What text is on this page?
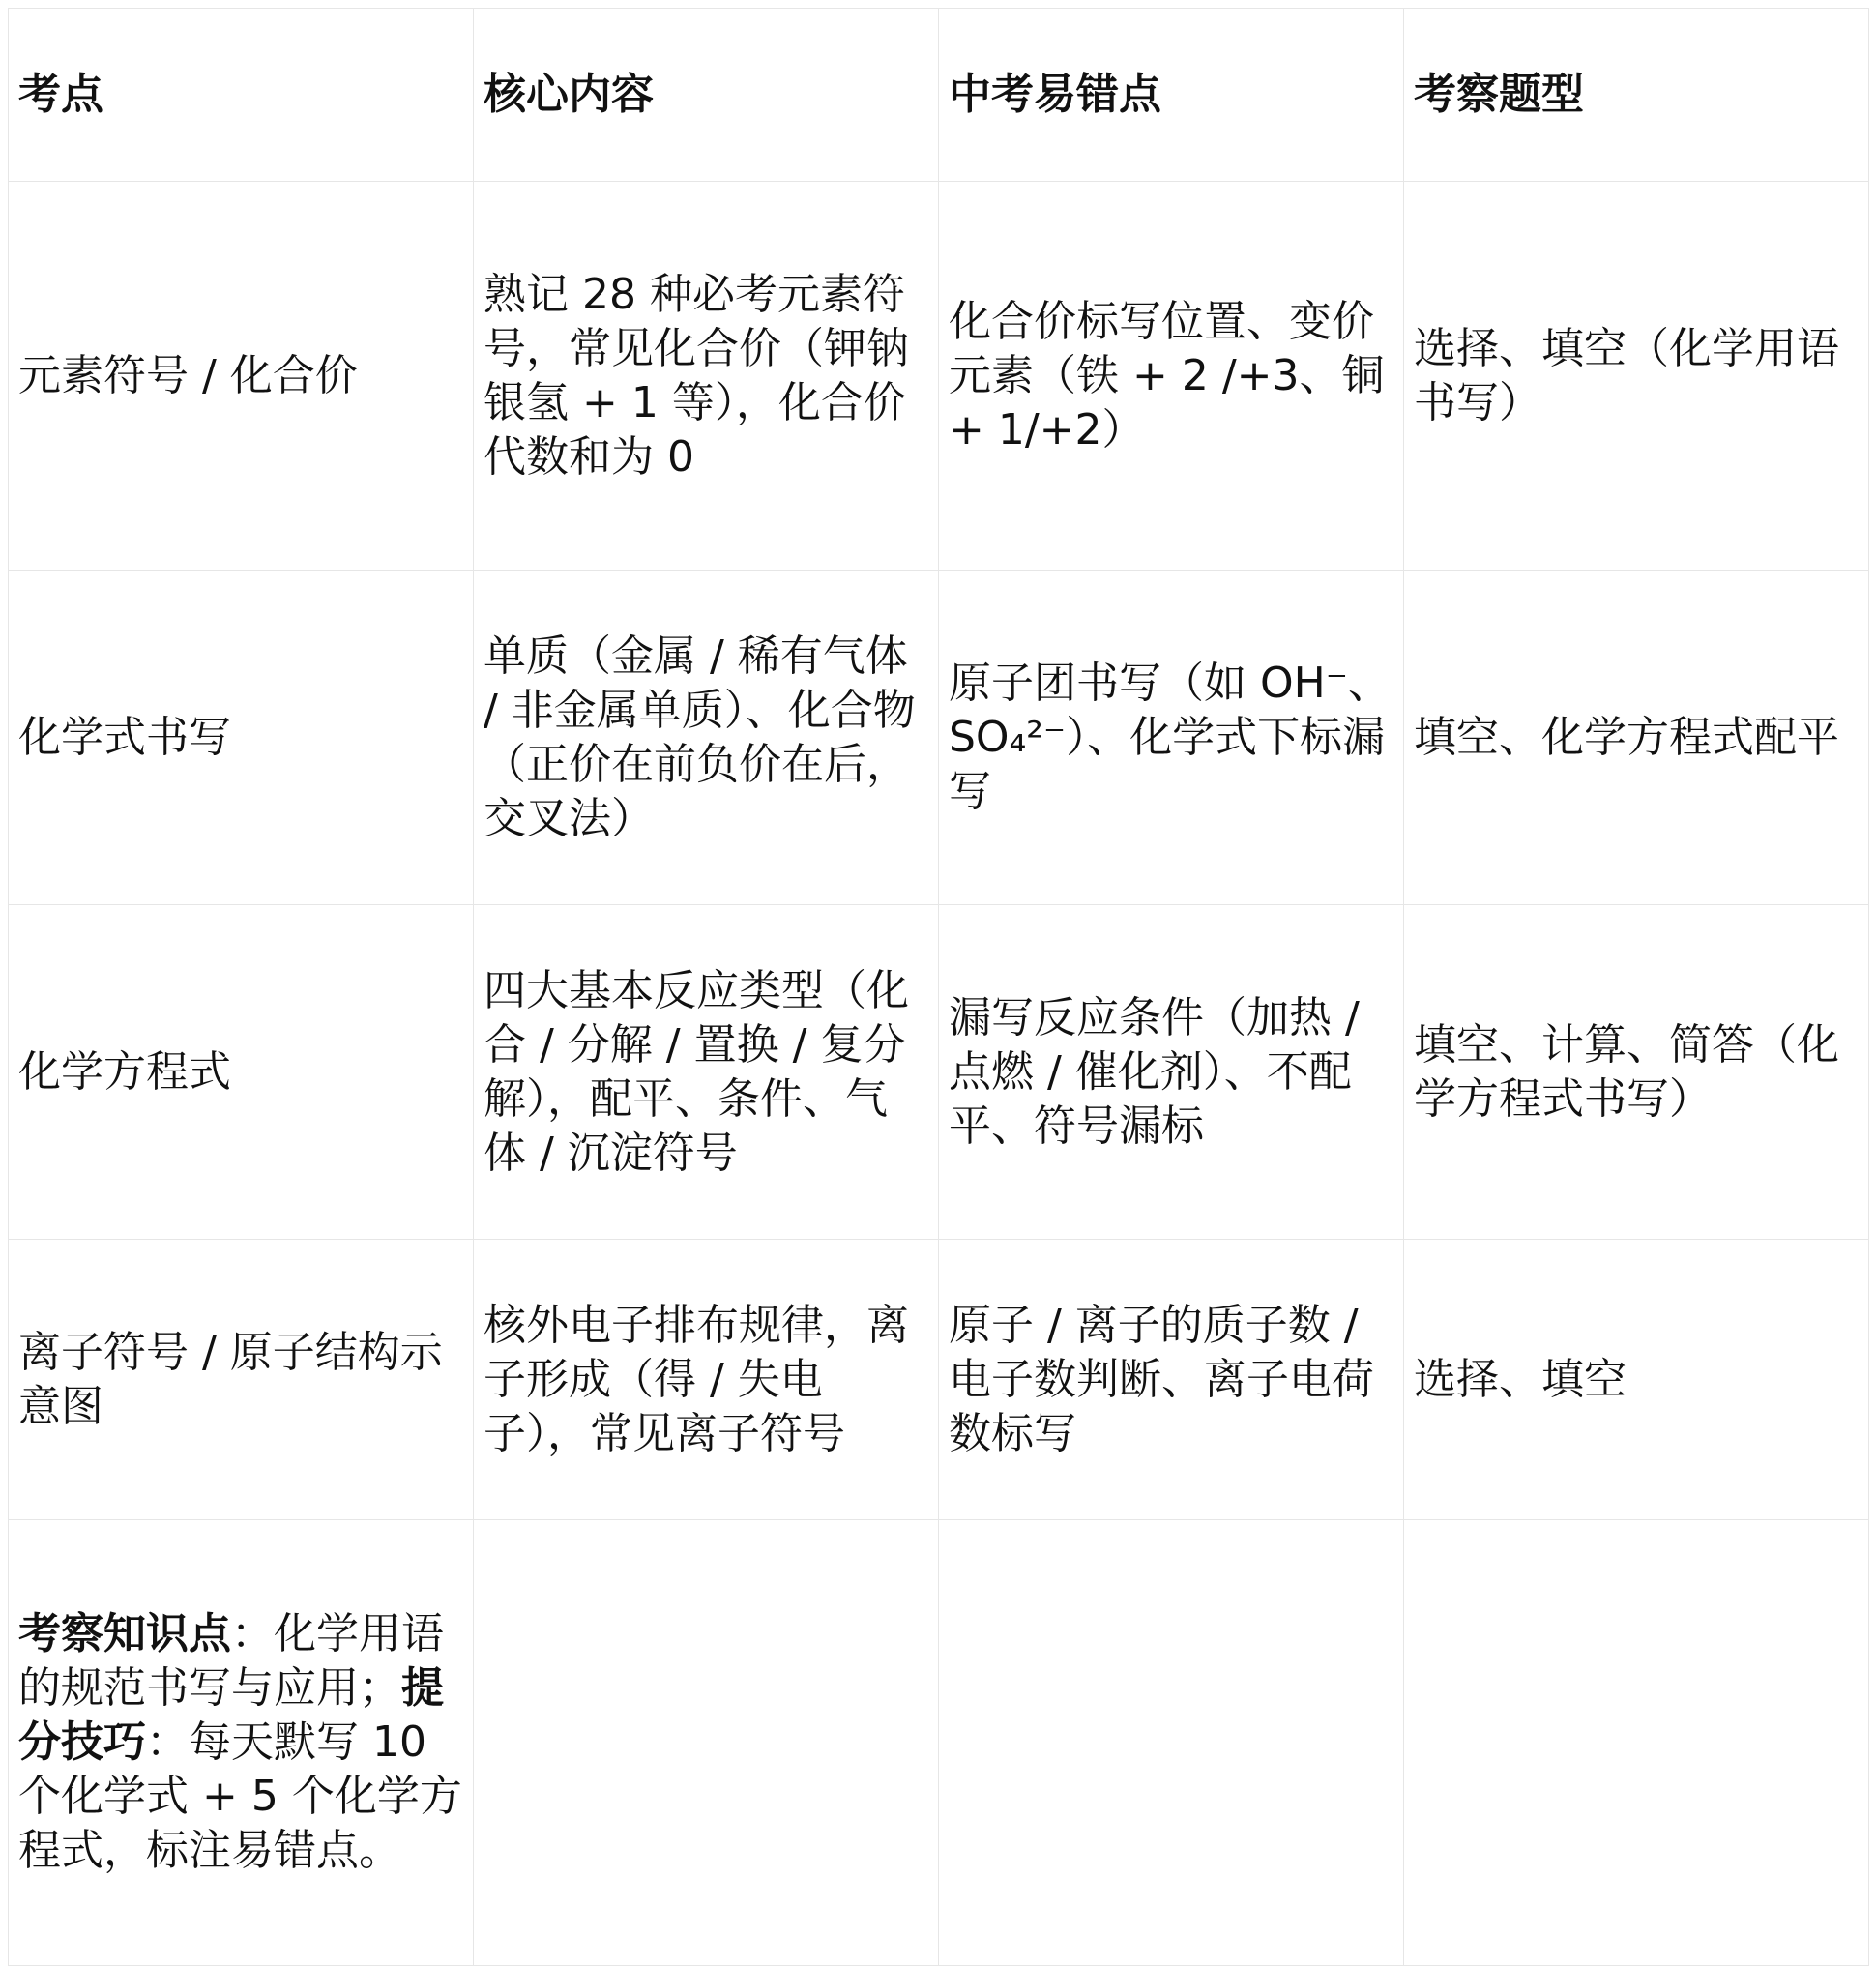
考点	核心内容	中考易错点	考察题型
元素符号 / 化合价	熟记 28 种必考元素符号，常见化合价（钾钠银氢 + 1 等），化合价代数和为 0	化合价标写位置、变价元素（铁 + 2 /+3、铜 + 1/+2）	选择、填空（化学用语书写）
化学式书写	单质（金属 / 稀有气体 / 非金属单质）、化合物（正价在前负价在后，交叉法）	原子团书写（如 OH⁻、SO₄²⁻）、化学式下标漏写	填空、化学方程式配平
化学方程式	四大基本反应类型（化合 / 分解 / 置换 / 复分解），配平、条件、气体 / 沉淀符号	漏写反应条件（加热 / 点燃 / 催化剂）、不配平、符号漏标	填空、计算、简答（化学方程式书写）
离子符号 / 原子结构示意图	核外电子排布规律，离子形成（得 / 失电子），常见离子符号	原子 / 离子的质子数 / 电子数判断、离子电荷数标写	选择、填空
考察知识点：化学用语的规范书写与应用；提分技巧：每天默写 10 个化学式 + 5 个化学方程式，标注易错点。			
